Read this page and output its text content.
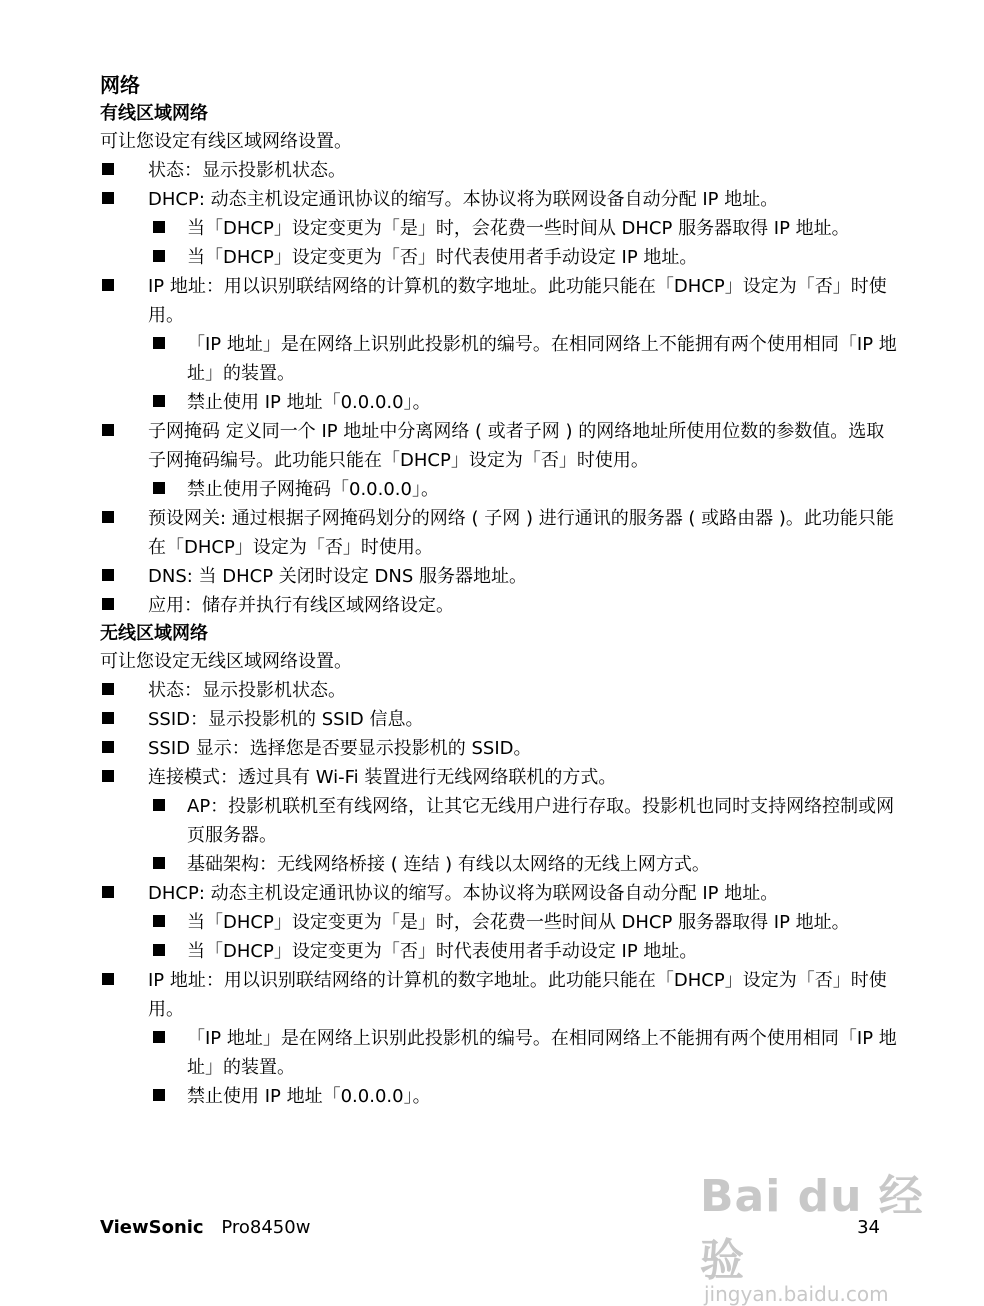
网络

有线区域网络

可让您设定有线区域网络设置。

状态：显示投影机状态。
DHCP: 动态主机设定通讯协议的缩写。本协议将为联网设备自动分配 IP 地址。
当「DHCP」设定变更为「是」时，会花费一些时间从 DHCP 服务器取得 IP 地址。
当「DHCP」设定变更为「否」时代表使用者手动设定 IP 地址。
IP 地址：用以识别联结网络的计算机的数字地址。此功能只能在「DHCP」设定为「否」时使用。
「IP 地址」是在网络上识别此投影机的编号。在相同网络上不能拥有两个使用相同「IP 地址」的装置。
禁止使用 IP 地址「0.0.0.0」。
子网掩码 定义同一个 IP 地址中分离网络 ( 或者子网 ) 的网络地址所使用位数的参数值。选取子网掩码编号。此功能只能在「DHCP」设定为「否」时使用。
禁止使用子网掩码「0.0.0.0」。
预设网关: 通过根据子网掩码划分的网络 ( 子网 ) 进行通讯的服务器 ( 或路由器 )。此功能只能在「DHCP」设定为「否」时使用。
DNS: 当 DHCP 关闭时设定 DNS 服务器地址。
应用：储存并执行有线区域网络设定。

无线区域网络

可让您设定无线区域网络设置。

状态：显示投影机状态。
SSID：显示投影机的 SSID 信息。
SSID 显示：选择您是否要显示投影机的 SSID。
连接模式：透过具有 Wi-Fi 装置进行无线网络联机的方式。
AP：投影机联机至有线网络，让其它无线用户进行存取。投影机也同时支持网络控制或网页服务器。
基础架构：无线网络桥接 ( 连结 ) 有线以太网络的无线上网方式。
DHCP: 动态主机设定通讯协议的缩写。本协议将为联网设备自动分配 IP 地址。
当「DHCP」设定变更为「是」时，会花费一些时间从 DHCP 服务器取得 IP 地址。
当「DHCP」设定变更为「否」时代表使用者手动设定 IP 地址。
IP 地址：用以识别联结网络的计算机的数字地址。此功能只能在「DHCP」设定为「否」时使用。
「IP 地址」是在网络上识别此投影机的编号。在相同网络上不能拥有两个使用相同「IP 地址」的装置。
禁止使用 IP 地址「0.0.0.0」。
Bai du 经验
jingyan.baidu.com
ViewSonic Pro8450w	34
